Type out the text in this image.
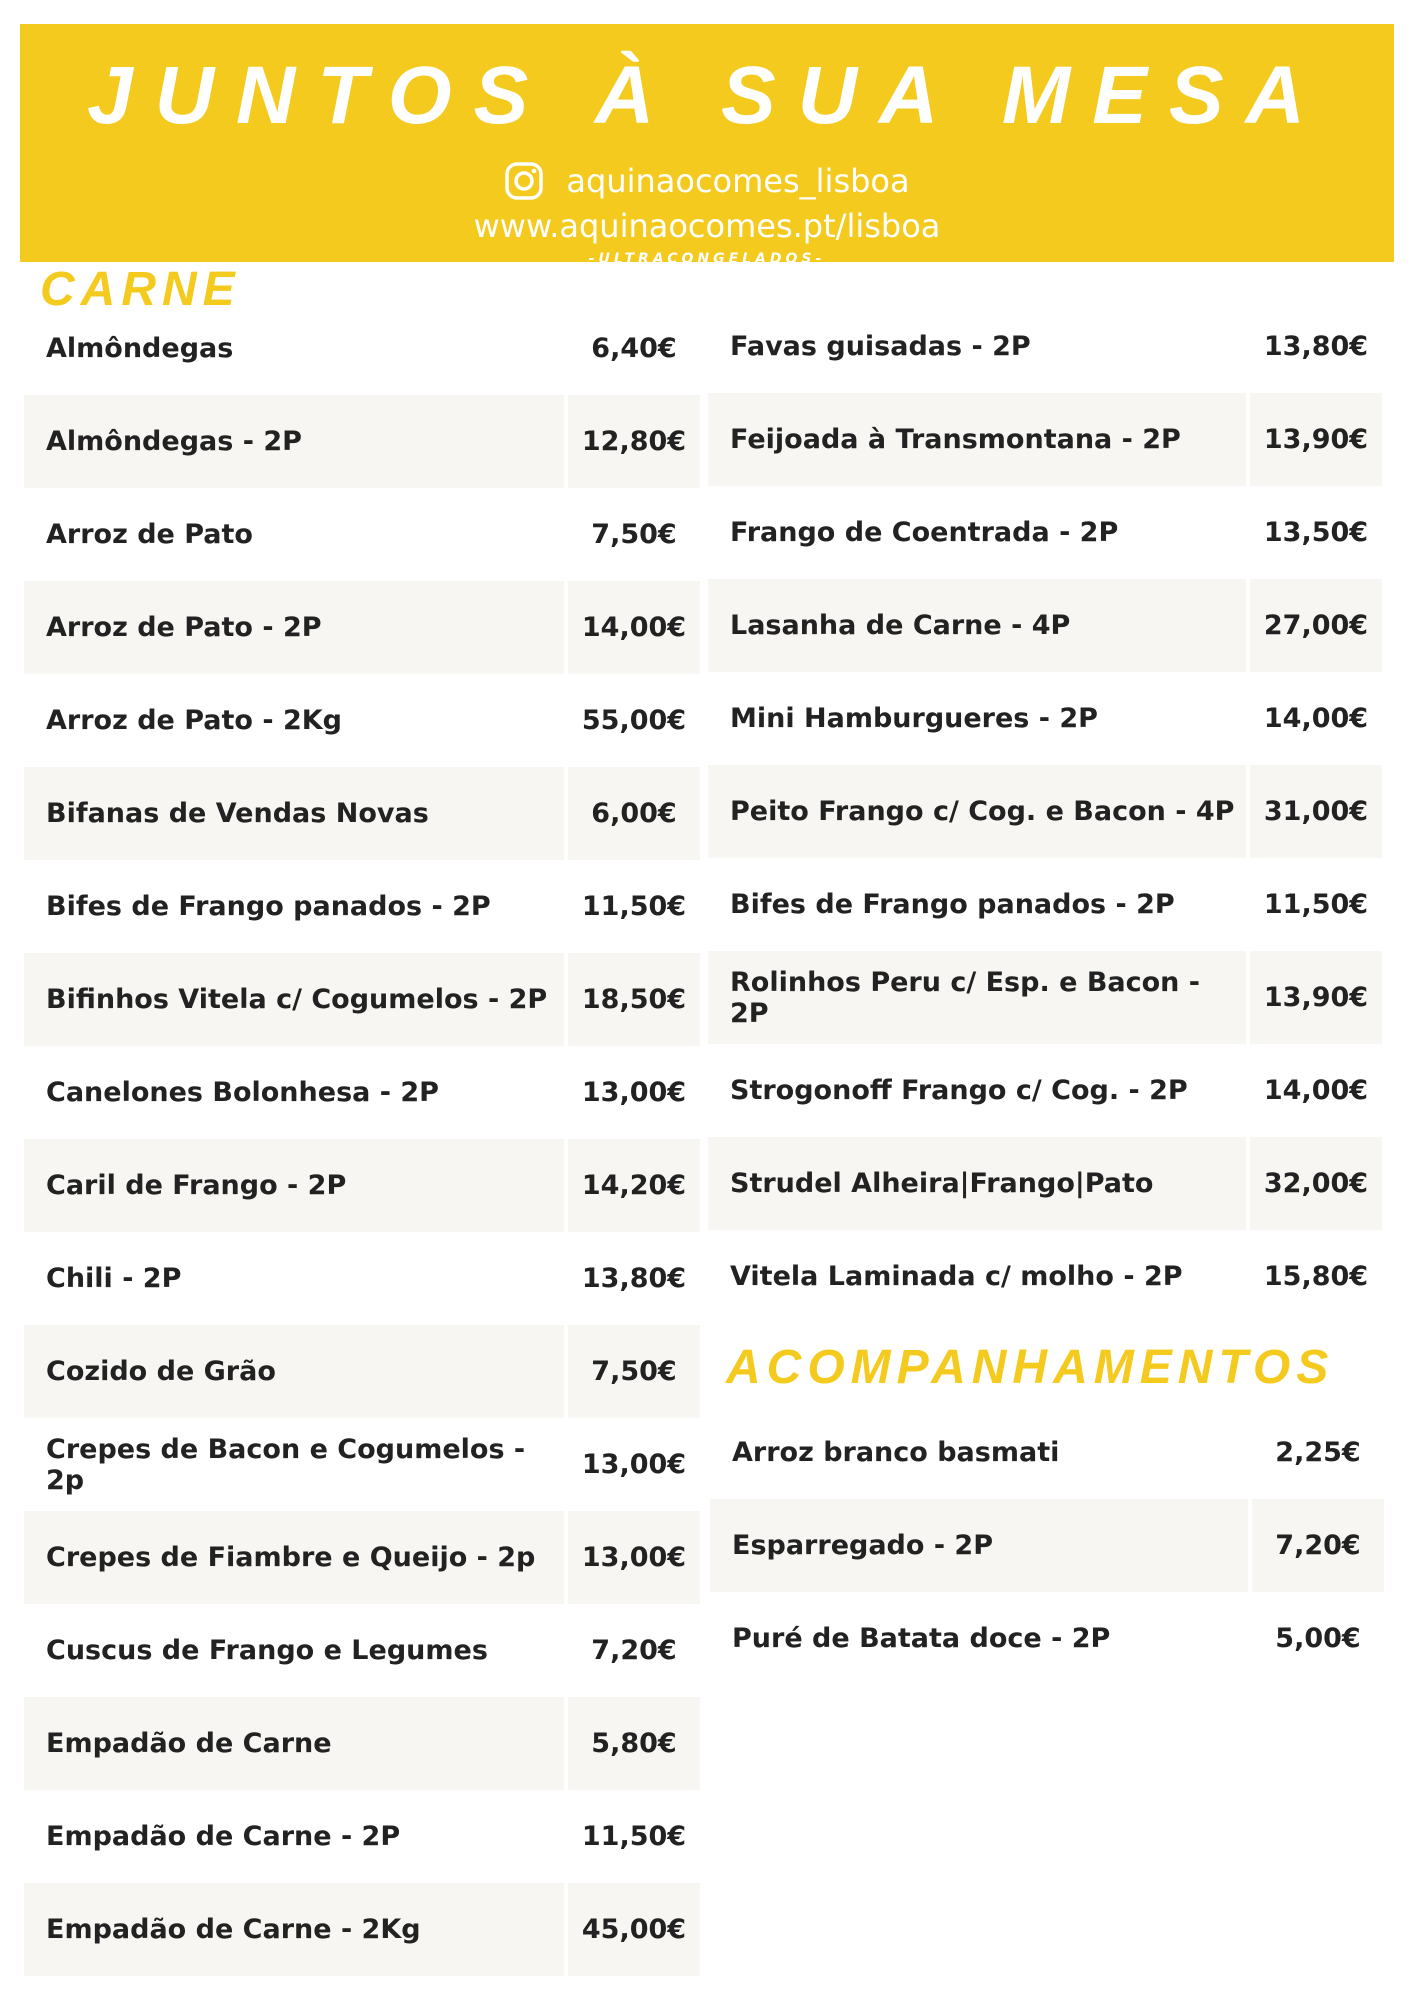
JUNTOS À SUA MESA
aquinaocomes_lisboa
www.aquinaocomes.pt/lisboa
-ULTRACONGELADOS-
CARNE
ACOMPANHAMENTOS
Almôndegas	6,40€
Almôndegas - 2P	12,80€
Arroz de Pato	7,50€
Arroz de Pato - 2P	14,00€
Arroz de Pato - 2Kg	55,00€
Bifanas de Vendas Novas	6,00€
Bifes de Frango panados - 2P	11,50€
Bifinhos Vitela c/ Cogumelos - 2P	18,50€
Canelones Bolonhesa - 2P	13,00€
Caril de Frango - 2P	14,20€
Chili - 2P	13,80€
Cozido de Grão	7,50€
Crepes de Bacon e Cogumelos - 2p	13,00€
Crepes de Fiambre e Queijo - 2p	13,00€
Cuscus de Frango e Legumes	7,20€
Empadão de Carne	5,80€
Empadão de Carne - 2P	11,50€
Empadão de Carne - 2Kg	45,00€
Favas guisadas - 2P	13,80€
Feijoada à Transmontana - 2P	13,90€
Frango de Coentrada - 2P	13,50€
Lasanha de Carne - 4P	27,00€
Mini Hamburgueres - 2P	14,00€
Peito Frango c/ Cog. e Bacon - 4P	31,00€
Bifes de Frango panados - 2P	11,50€
Rolinhos Peru c/ Esp. e Bacon - 2P	13,90€
Strogonoff Frango c/ Cog. - 2P	14,00€
Strudel Alheira|Frango|Pato	32,00€
Vitela Laminada c/ molho - 2P	15,80€
Arroz branco basmati	2,25€
Esparregado - 2P	7,20€
Puré de Batata doce - 2P	5,00€
